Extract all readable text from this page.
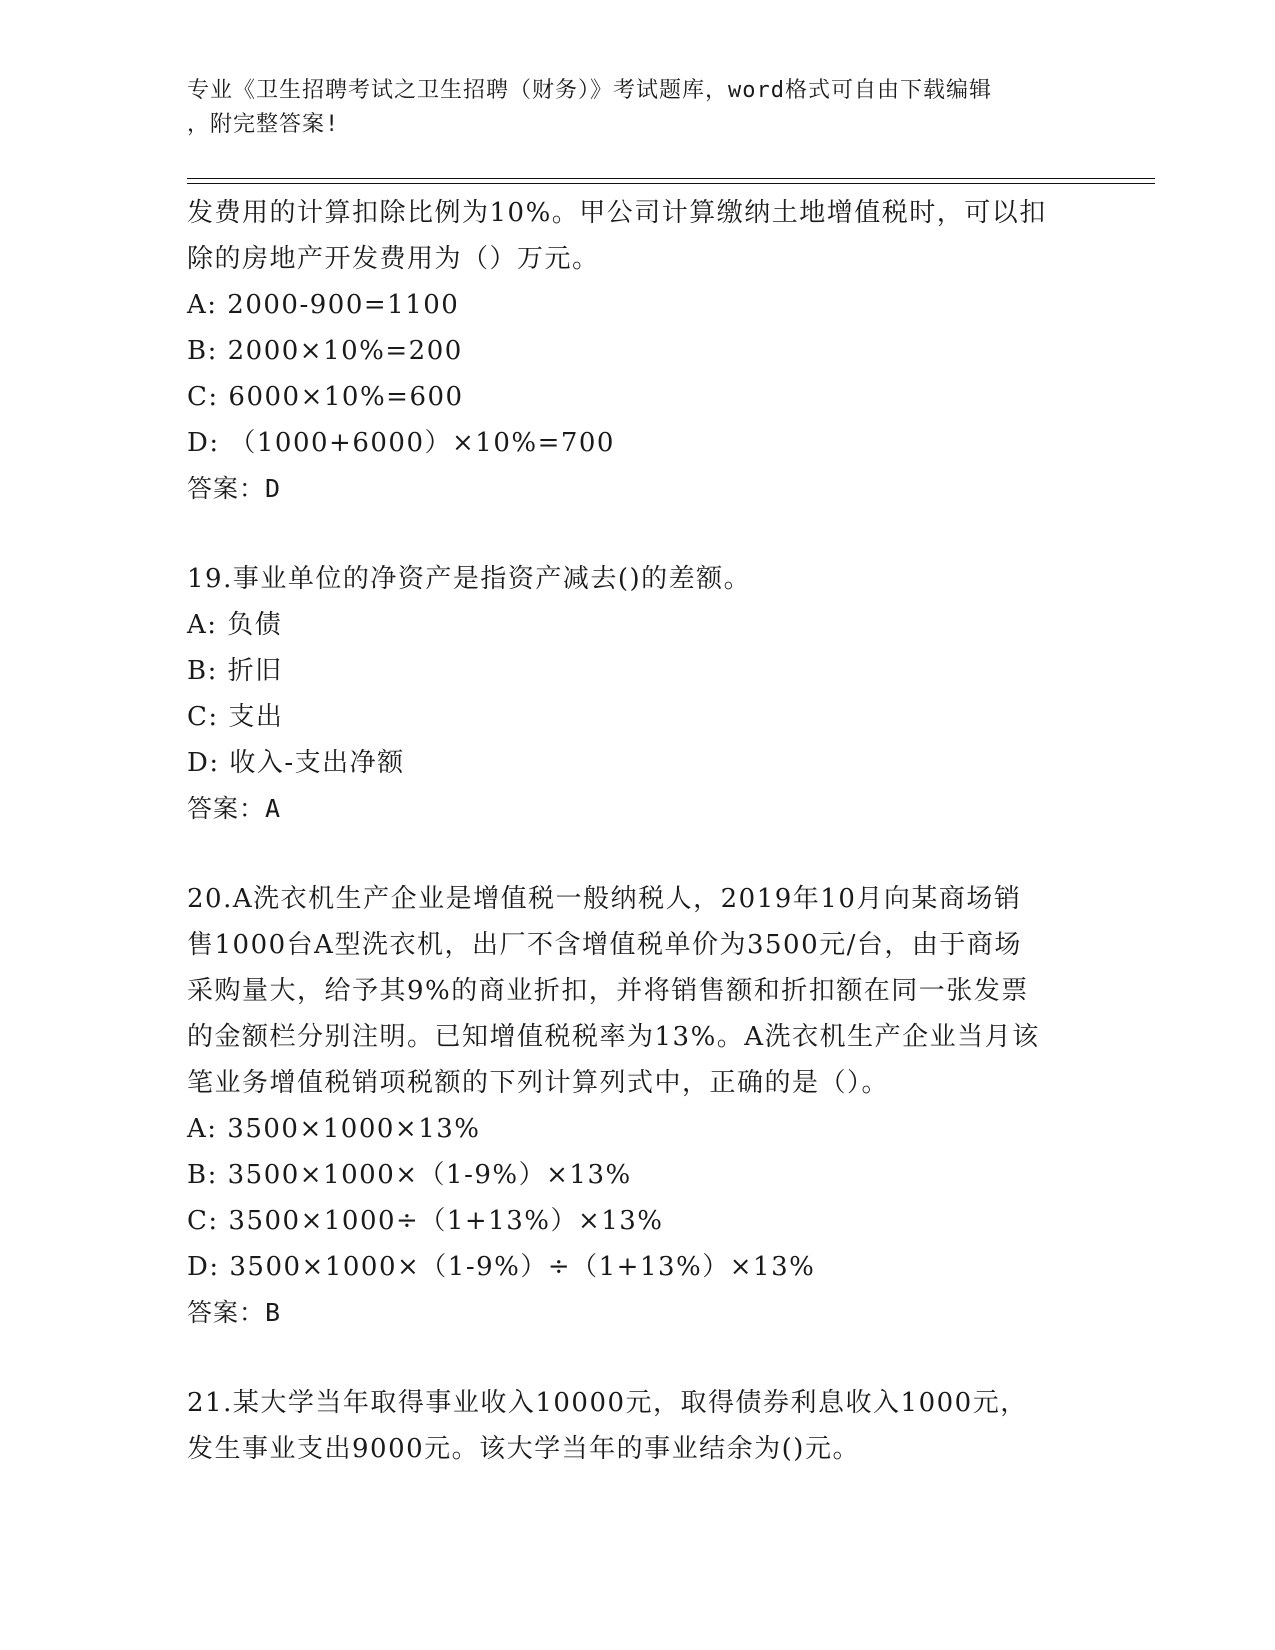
专业《卫生招聘考试之卫生招聘（财务）》考试题库，word格式可自由下载编辑
，附完整答案!
发费用的计算扣除比例为10%。甲公司计算缴纳土地增值税时，可以扣
除的房地产开发费用为（）万元。
A: 2000-900=1100
B: 2000×10%=200
C: 6000×10%=600
D: （1000+6000）×10%=700
答案：D
19.事业单位的净资产是指资产减去()的差额。
A: 负债
B: 折旧
C: 支出
D: 收入-支出净额
答案：A
20.A洗衣机生产企业是增值税一般纳税人，2019年10月向某商场销
售1000台A型洗衣机，出厂不含增值税单价为3500元/台，由于商场
采购量大，给予其9%的商业折扣，并将销售额和折扣额在同一张发票
的金额栏分别注明。已知增值税税率为13%。A洗衣机生产企业当月该
笔业务增值税销项税额的下列计算列式中，正确的是（）。
A: 3500×1000×13%
B: 3500×1000×（1-9%）×13%
C: 3500×1000÷（1+13%）×13%
D: 3500×1000×（1-9%）÷（1+13%）×13%
答案：B
21.某大学当年取得事业收入10000元，取得债券利息收入1000元，
发生事业支出9000元。该大学当年的事业结余为()元。
